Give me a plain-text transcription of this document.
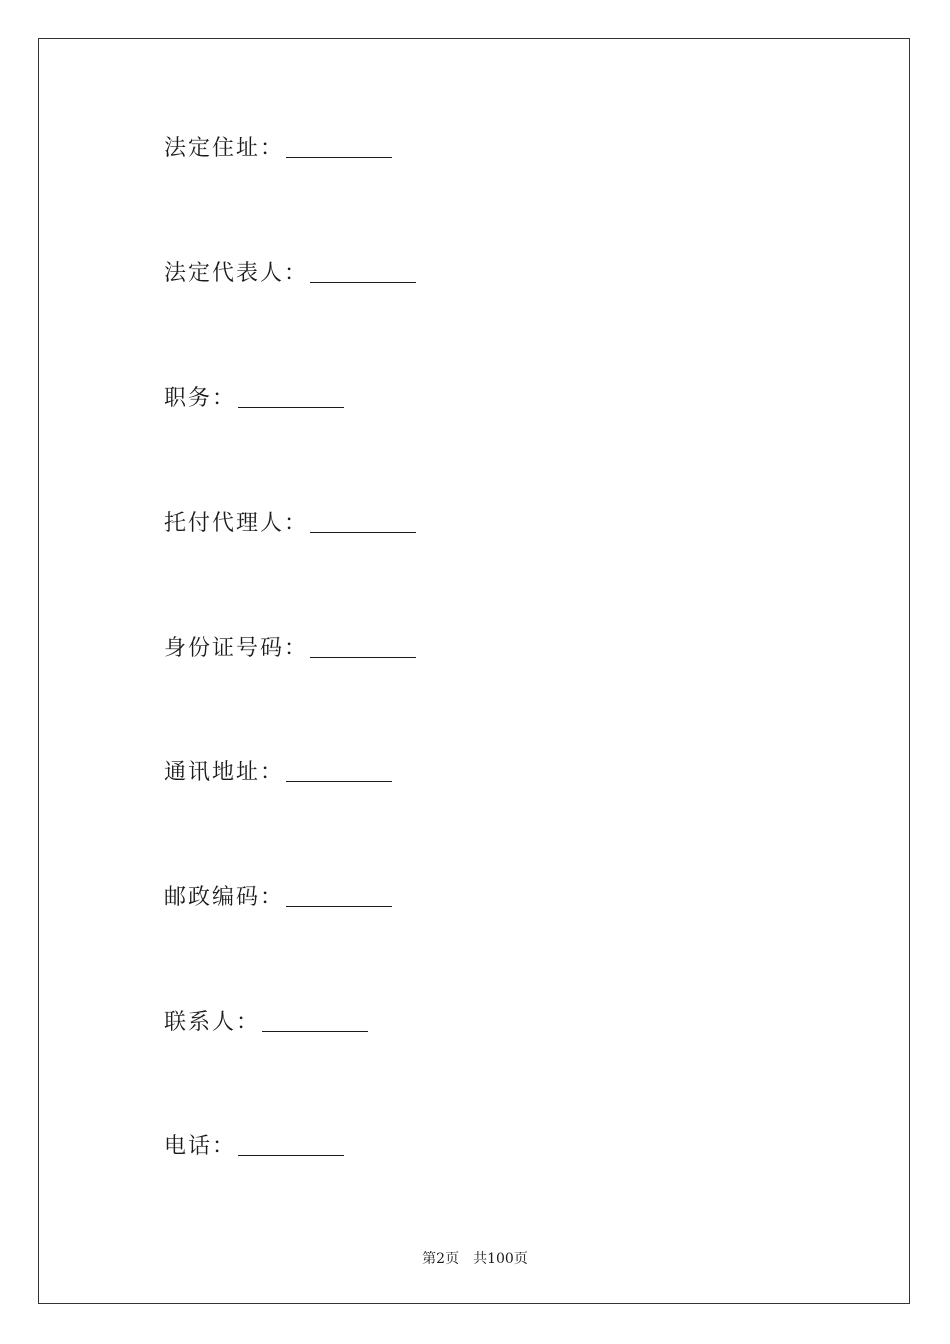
法定住址：
法定代表人：
职务：
托付代理人：
身份证号码：
通讯地址：
邮政编码：
联系人：
电话：
第2页 共100页
